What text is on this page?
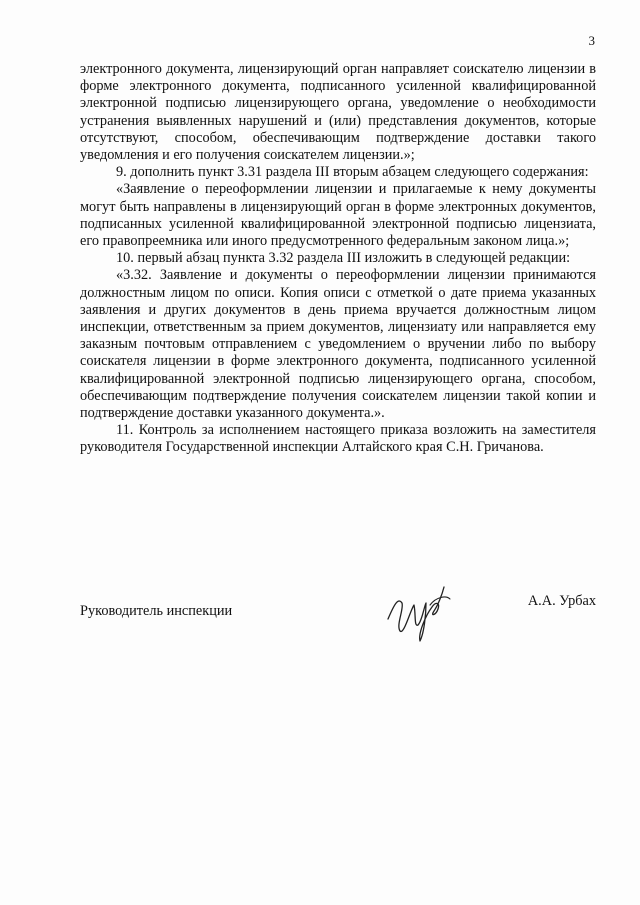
3

электронного документа, лицензирующий орган направляет соискателю лицензии в форме электронного документа, подписанного усиленной квалифицированной электронной подписью лицензирующего органа, уведомление о необходимости устранения выявленных нарушений и (или) представления документов, которые отсутствуют, способом, обеспечивающим подтверждение доставки такого уведомления и его получения соискателем лицензии.»;

9. дополнить пункт 3.31 раздела III вторым абзацем следующего содержания:

«Заявление о переоформлении лицензии и прилагаемые к нему документы могут быть направлены в лицензирующий орган в форме электронных документов, подписанных усиленной квалифицированной электронной подписью лицензиата, его правопреемника или иного предусмотренного федеральным законом лица.»;

10. первый абзац пункта 3.32 раздела III изложить в следующей редакции:

«3.32. Заявление и документы о переоформлении лицензии принимаются должностным лицом по описи. Копия описи с отметкой о дате приема указанных заявления и других документов в день приема вручается должностным лицом инспекции, ответственным за прием документов, лицензиату или направляется ему заказным почтовым отправлением с уведомлением о вручении либо по выбору соискателя лицензии в форме электронного документа, подписанного усиленной квалифицированной электронной подписью лицензирующего органа, способом, обеспечивающим подтверждение получения соискателем лицензии такой копии и подтверждение доставки указанного документа.».

11. Контроль за исполнением настоящего приказа возложить на заместителя руководителя Государственной инспекции Алтайского края С.Н. Гричанова.

Руководитель инспекции
А.А. Урбах
